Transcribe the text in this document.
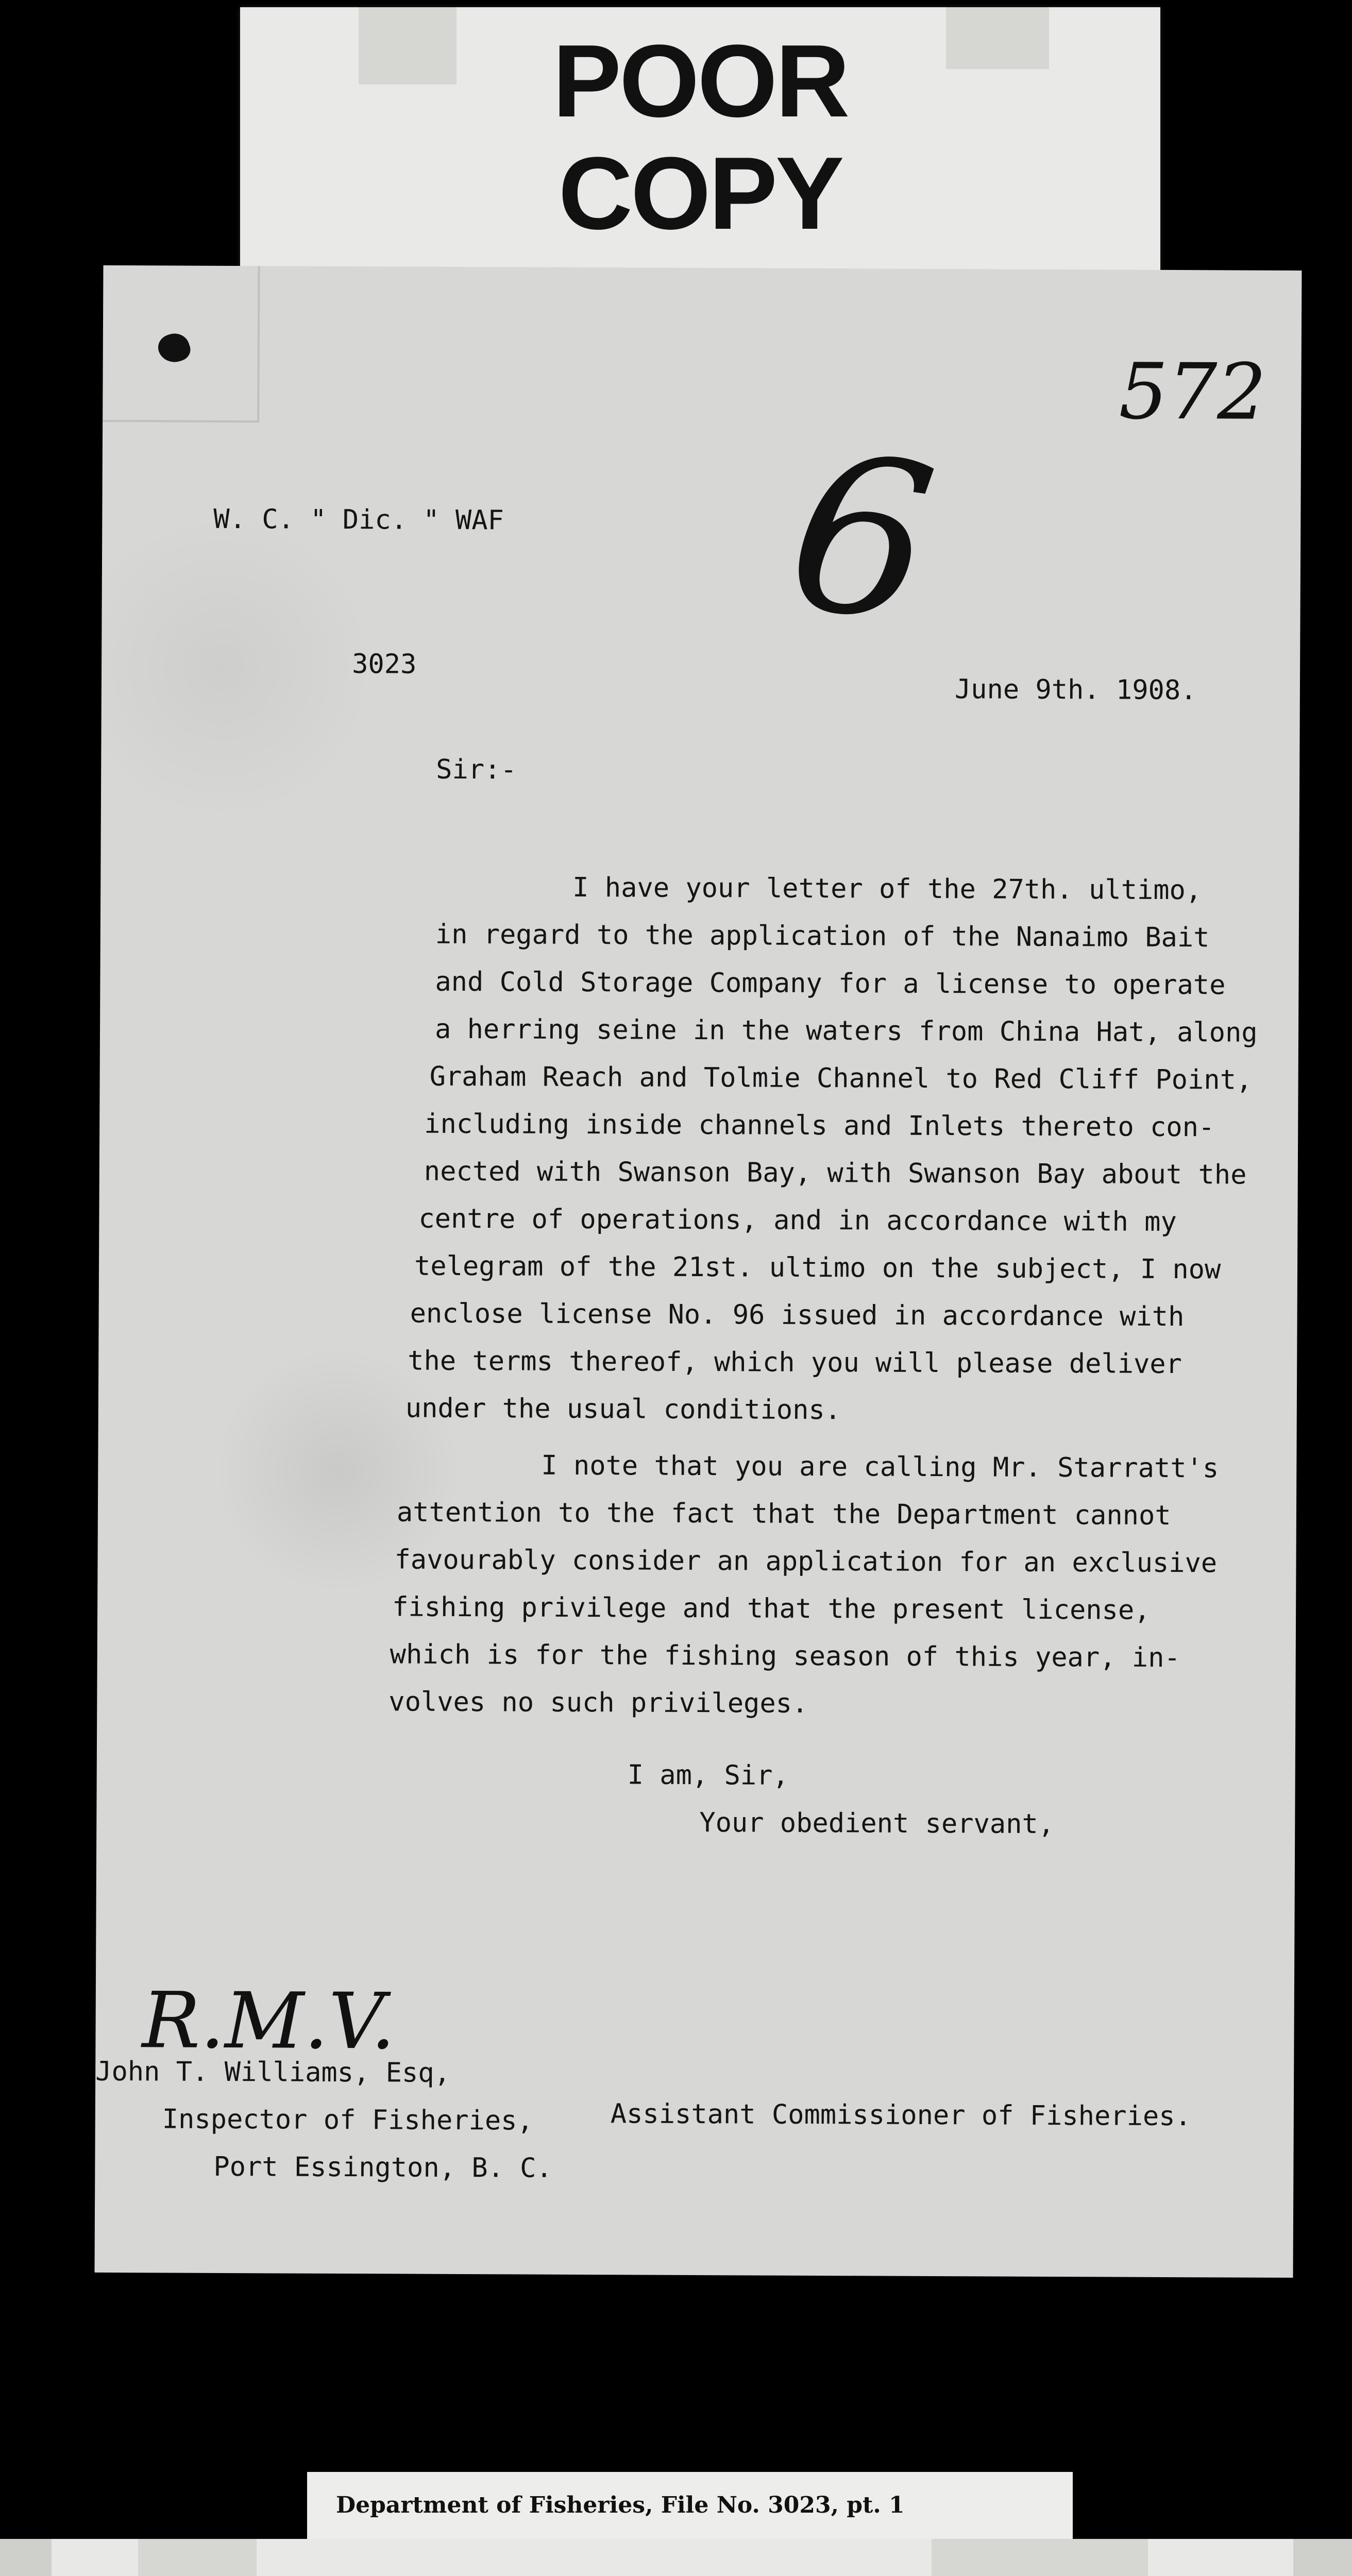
POOR
COPY
572
6
W. C. " Dic. " WAF
3023
June 9th. 1908.
Sir:-
I have your letter of the 27th. ultimo,
in regard to the application of the Nanaimo Bait
and Cold Storage Company for a license to operate
a herring seine in the waters from China Hat, along
Graham Reach and Tolmie Channel to Red Cliff Point,
including inside channels and Inlets thereto con-
nected with Swanson Bay, with Swanson Bay about the
centre of operations, and in accordance with my
telegram of the 21st. ultimo on the subject, I now
enclose license No. 96 issued in accordance with
the terms thereof, which you will please deliver
under the usual conditions.
I note that you are calling Mr. Starratt's
attention to the fact that the Department cannot
favourably consider an application for an exclusive
fishing privilege and that the present license,
which is for the fishing season of this year, in-
volves no such privileges.
I am, Sir,
Your obedient servant,
R.M.V.
John T. Williams, Esq,
Inspector of Fisheries,
Port Essington, B. C.
Assistant Commissioner of Fisheries.
Department of Fisheries, File No. 3023, pt. 1
